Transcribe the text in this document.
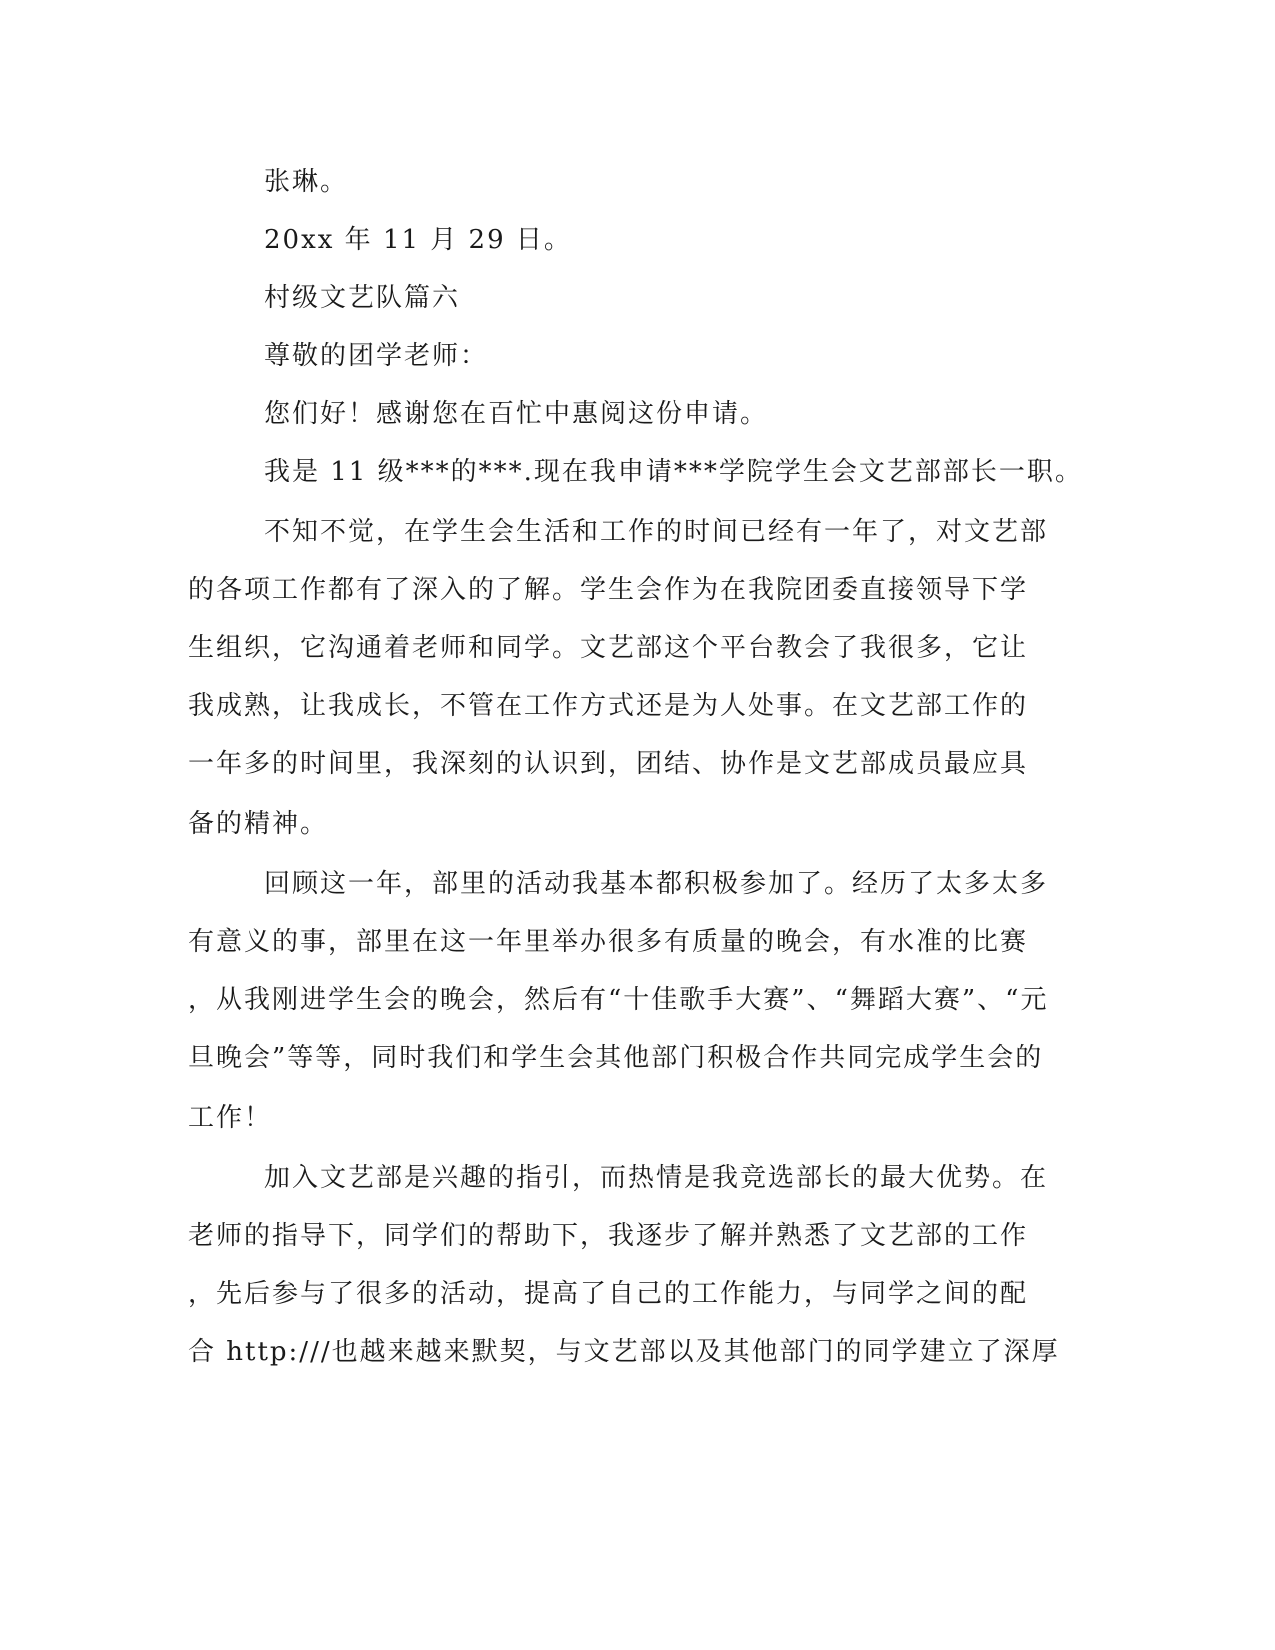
张琳。
20xx 年 11 月 29 日。
村级文艺队篇六
尊敬的团学老师：
您们好！感谢您在百忙中惠阅这份申请。
我是 11 级***的***.现在我申请***学院学生会文艺部部长一职。
不知不觉，在学生会生活和工作的时间已经有一年了，对文艺部
的各项工作都有了深入的了解。学生会作为在我院团委直接领导下学
生组织，它沟通着老师和同学。文艺部这个平台教会了我很多，它让
我成熟，让我成长，不管在工作方式还是为人处事。在文艺部工作的
一年多的时间里，我深刻的认识到，团结、协作是文艺部成员最应具
备的精神。
回顾这一年，部里的活动我基本都积极参加了。经历了太多太多
有意义的事，部里在这一年里举办很多有质量的晚会，有水准的比赛
，从我刚进学生会的晚会，然后有“十佳歌手大赛”、“舞蹈大赛”、“元
旦晚会”等等，同时我们和学生会其他部门积极合作共同完成学生会的
工作！
加入文艺部是兴趣的指引，而热情是我竞选部长的最大优势。在
老师的指导下，同学们的帮助下，我逐步了解并熟悉了文艺部的工作
，先后参与了很多的活动，提高了自己的工作能力，与同学之间的配
合 http:///也越来越来默契，与文艺部以及其他部门的同学建立了深厚
